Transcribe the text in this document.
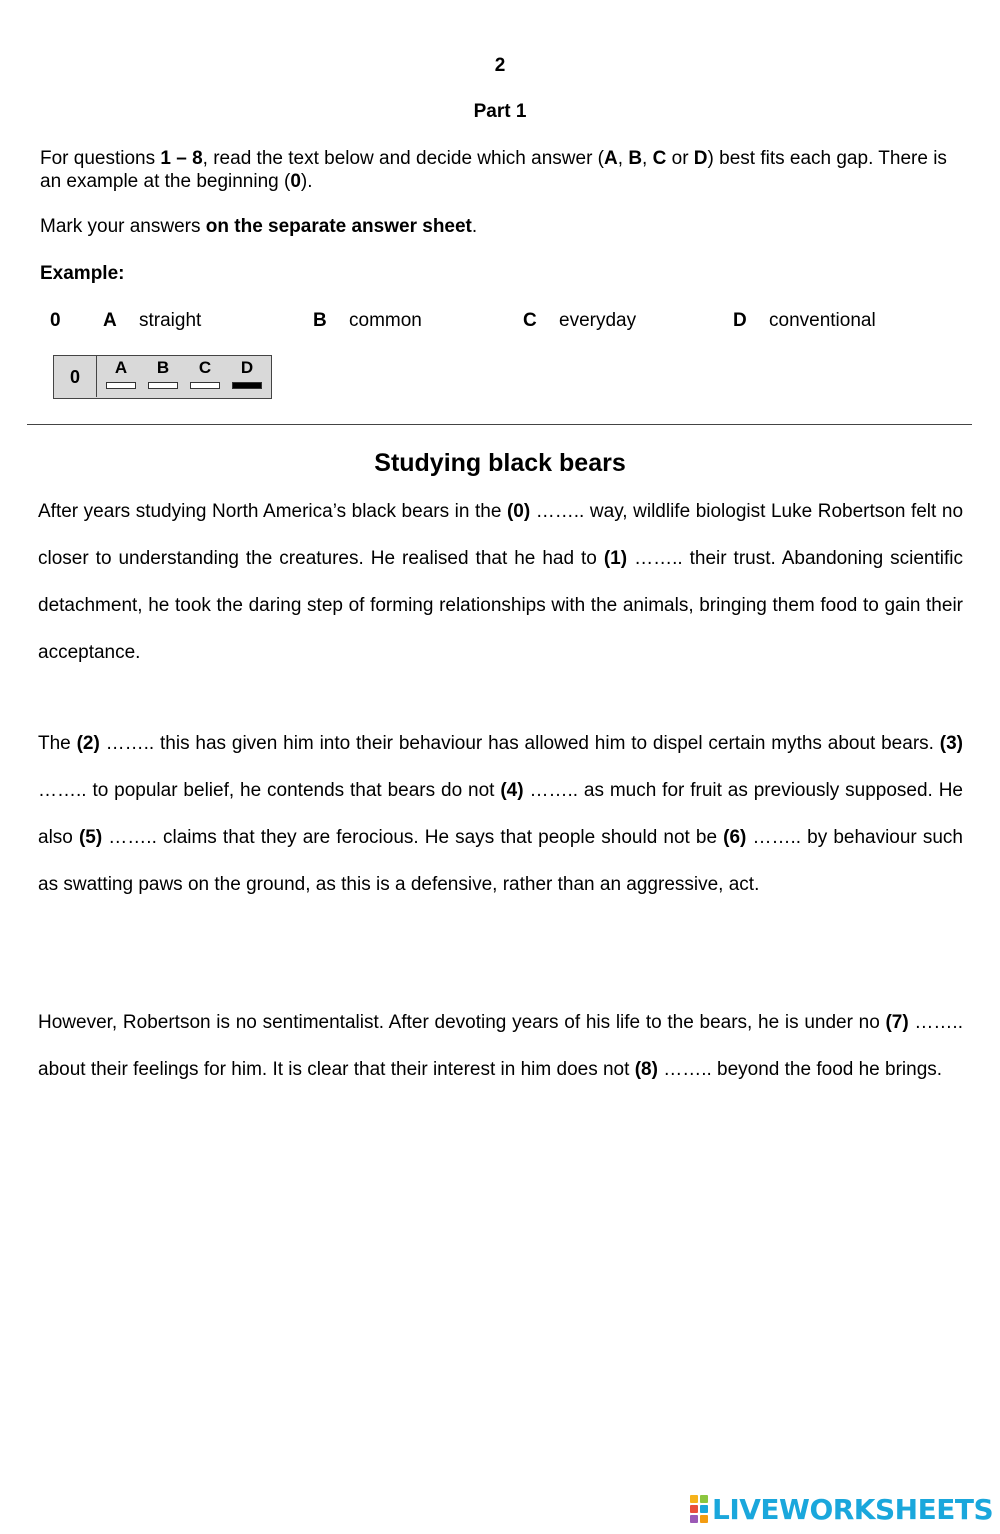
2
Part 1
For questions 1 – 8, read the text below and decide which answer (A, B, C or D) best fits each gap. There is an example at the beginning (0).
Mark your answers on the separate answer sheet.
Example:
0 A straight	B common	C everyday	D conventional
0	A	B	C	D
Studying black bears
After years studying North America’s black bears in the (0) …….. way, wildlife biologist Luke Robertson felt no closer to understanding the creatures. He realised that he had to (1) …….. their trust. Abandoning scientific detachment, he took the daring step of forming relationships with the animals, bringing them food to gain their acceptance.
The (2) …….. this has given him into their behaviour has allowed him to dispel certain myths about bears. (3) …….. to popular belief, he contends that bears do not (4) …….. as much for fruit as previously supposed. He also (5) …….. claims that they are ferocious. He says that people should not be (6) …….. by behaviour such as swatting paws on the ground, as this is a defensive, rather than an aggressive, act.
However, Robertson is no sentimentalist. After devoting years of his life to the bears, he is under no (7) …….. about their feelings for him. It is clear that their interest in him does not (8) …….. beyond the food he brings.
LIVEWORKSHEETS
